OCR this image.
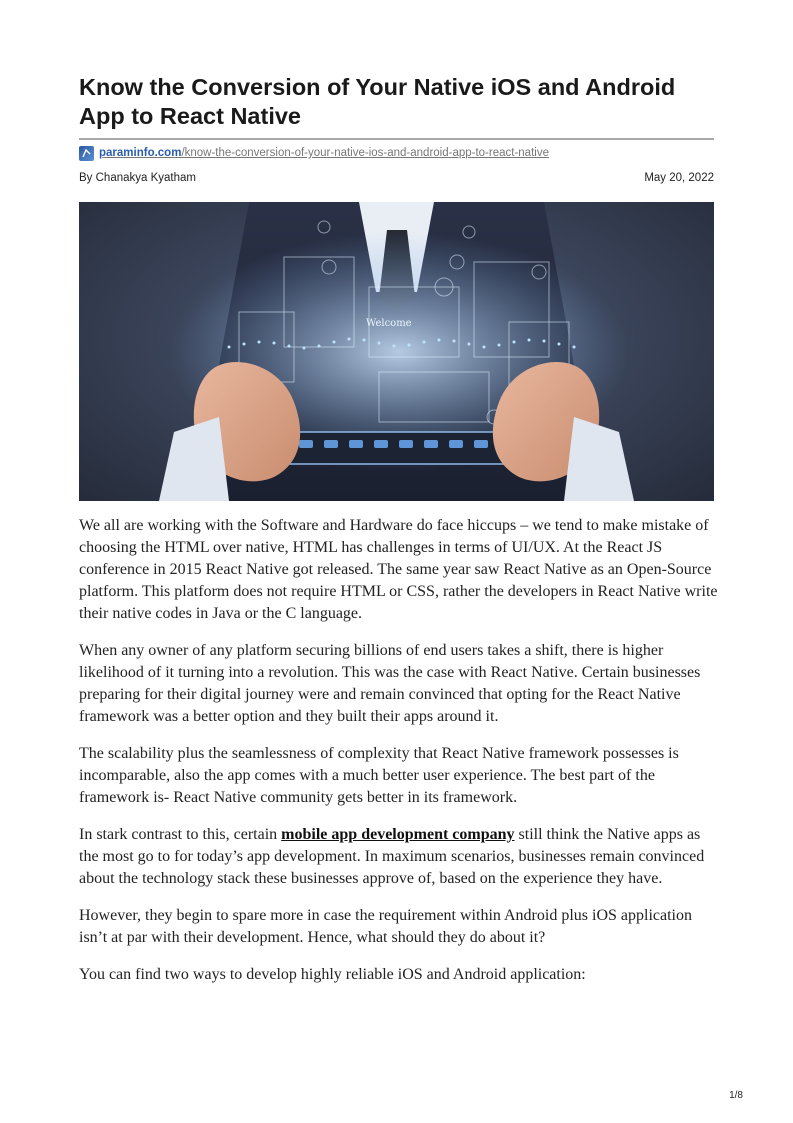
Know the Conversion of Your Native iOS and Android App to React Native
paraminfo.com/know-the-conversion-of-your-native-ios-and-android-app-to-react-native
By Chanakya Kyatham	May 20, 2022
Welcome

We all are working with the Software and Hardware do face hiccups – we tend to make mistake of choosing the HTML over native, HTML has challenges in terms of UI/UX. At the React JS conference in 2015 React Native got released. The same year saw React Native as an Open-Source platform. This platform does not require HTML or CSS, rather the developers in React Native write their native codes in Java or the C language.

When any owner of any platform securing billions of end users takes a shift, there is higher likelihood of it turning into a revolution. This was the case with React Native. Certain businesses preparing for their digital journey were and remain convinced that opting for the React Native framework was a better option and they built their apps around it.

The scalability plus the seamlessness of complexity that React Native framework possesses is incomparable, also the app comes with a much better user experience. The best part of the framework is- React Native community gets better in its framework.

In stark contrast to this, certain mobile app development company still think the Native apps as the most go to for today’s app development. In maximum scenarios, businesses remain convinced about the technology stack these businesses approve of, based on the experience they have.

However, they begin to spare more in case the requirement within Android plus iOS application isn’t at par with their development. Hence, what should they do about it?

You can find two ways to develop highly reliable iOS and Android application:

1/8
